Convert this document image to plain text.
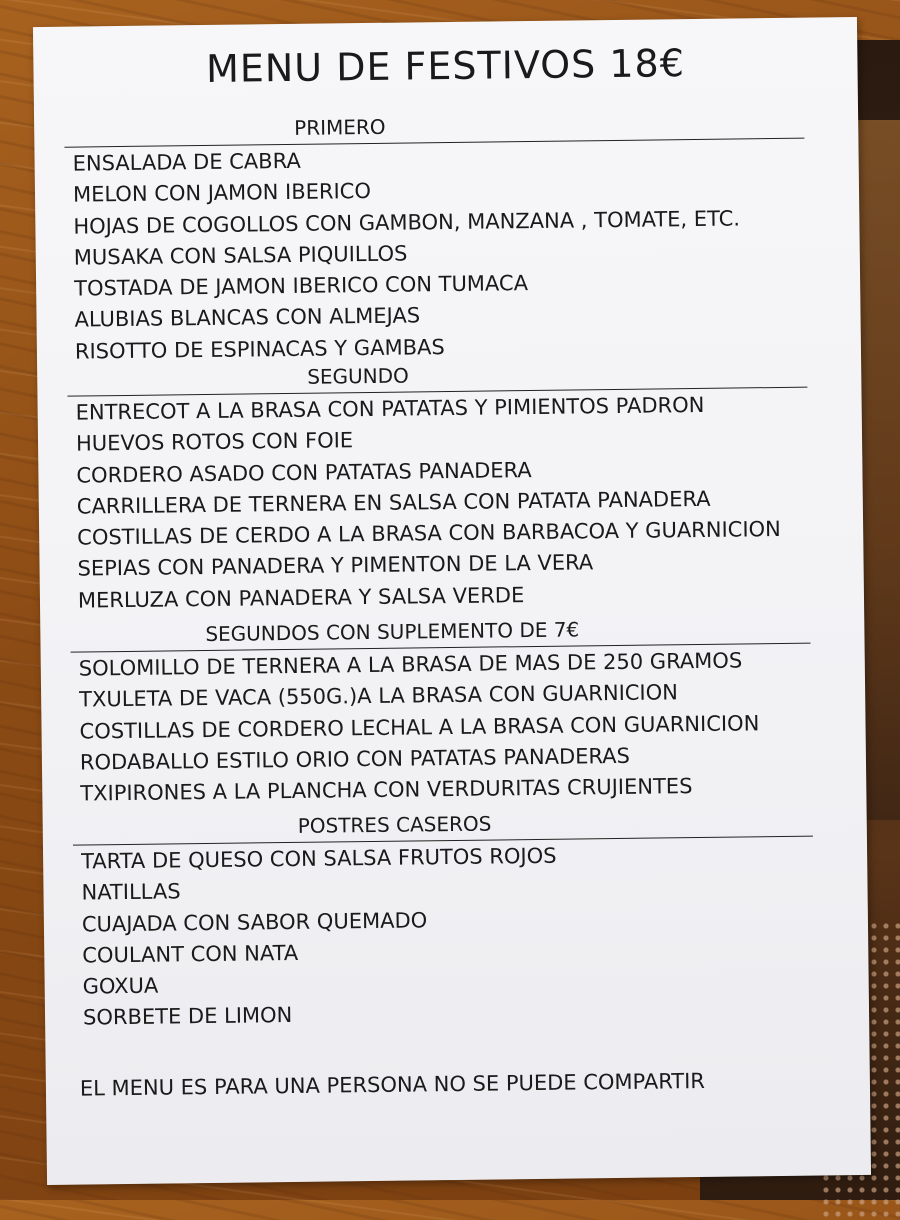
MENU DE FESTIVOS 18€
PRIMERO
ENSALADA DE CABRA
MELON CON JAMON IBERICO
HOJAS DE COGOLLOS CON GAMBON, MANZANA , TOMATE, ETC.
MUSAKA CON SALSA PIQUILLOS
TOSTADA DE JAMON IBERICO CON TUMACA
ALUBIAS BLANCAS CON ALMEJAS
RISOTTO DE ESPINACAS Y GAMBAS
SEGUNDO
ENTRECOT A LA BRASA CON PATATAS Y PIMIENTOS PADRON
HUEVOS ROTOS CON FOIE
CORDERO ASADO CON PATATAS PANADERA
CARRILLERA DE TERNERA EN SALSA CON PATATA PANADERA
COSTILLAS DE CERDO A LA BRASA CON BARBACOA Y GUARNICION
SEPIAS CON PANADERA Y PIMENTON DE LA VERA
MERLUZA CON PANADERA Y SALSA VERDE
SEGUNDOS CON SUPLEMENTO DE 7€
SOLOMILLO DE TERNERA A LA BRASA DE MAS DE 250 GRAMOS
TXULETA DE VACA (550G.)A LA BRASA CON GUARNICION
COSTILLAS DE CORDERO LECHAL A LA BRASA CON GUARNICION
RODABALLO ESTILO ORIO CON PATATAS PANADERAS
TXIPIRONES A LA PLANCHA CON VERDURITAS CRUJIENTES
POSTRES CASEROS
TARTA DE QUESO CON SALSA FRUTOS ROJOS
NATILLAS
CUAJADA CON SABOR QUEMADO
COULANT CON NATA
GOXUA
SORBETE DE LIMON
EL MENU ES PARA UNA PERSONA NO SE PUEDE COMPARTIR
